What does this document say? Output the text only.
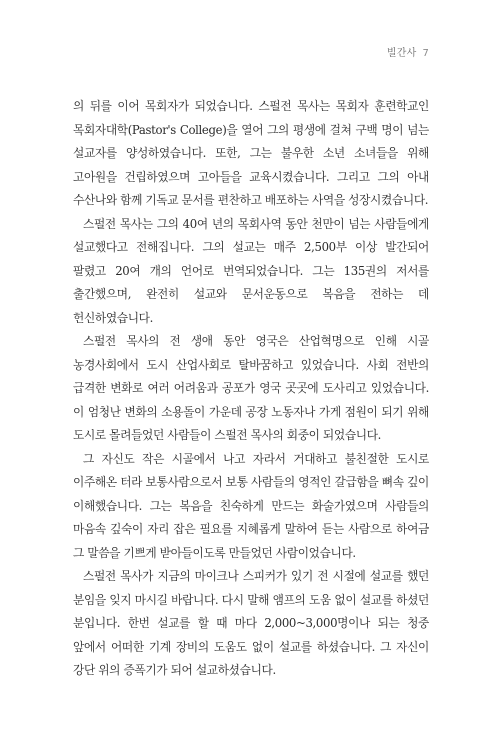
빌간사 7

의 뒤를 이어 목회자가 되었습니다. 스펄전 목사는 목회자 훈련학교인 목회자대학(Pastor's College)을 열어 그의 평생에 걸쳐 구백 명이 넘는 설교자를 양성하였습니다. 또한, 그는 불우한 소년 소녀들을 위해 고아원을 건립하였으며 고아들을 교육시켰습니다. 그리고 그의 아내 수산나와 함께 기독교 문서를 편찬하고 배포하는 사역을 성장시켰습니다.

스펄전 목사는 그의 40여 년의 목회사역 동안 천만이 넘는 사람들에게 설교했다고 전해집니다. 그의 설교는 매주 2,500부 이상 발간되어 팔렸고 20여 개의 언어로 번역되었습니다. 그는 135권의 저서를 출간했으며, 완전히 설교와 문서운동으로 복음을 전하는 데 헌신하였습니다.

스펄전 목사의 전 생애 동안 영국은 산업혁명으로 인해 시골 농경사회에서 도시 산업사회로 탈바꿈하고 있었습니다. 사회 전반의 급격한 변화로 여러 어려움과 공포가 영국 곳곳에 도사리고 있었습니다. 이 엄청난 변화의 소용돌이 가운데 공장 노동자나 가게 점원이 되기 위해 도시로 몰려들었던 사람들이 스펄전 목사의 회중이 되었습니다.

그 자신도 작은 시골에서 나고 자라서 거대하고 불친절한 도시로 이주해온 터라 보통사람으로서 보통 사람들의 영적인 갈급함을 뼈속 깊이 이해했습니다. 그는 복음을 친숙하게 만드는 화술가였으며 사람들의 마음속 깊숙이 자리 잡은 필요를 지혜롭게 말하여 듣는 사람으로 하여금 그 말씀을 기쁘게 받아들이도록 만들었던 사람이었습니다.

스펄전 목사가 지금의 마이크나 스피커가 있기 전 시절에 설교를 했던 분임을 잊지 마시길 바랍니다. 다시 말해 앰프의 도움 없이 설교를 하셨던 분입니다. 한번 설교를 할 때 마다 2,000~3,000명이나 되는 청중 앞에서 어떠한 기계 장비의 도움도 없이 설교를 하셨습니다. 그 자신이 강단 위의 증폭기가 되어 설교하셨습니다.
